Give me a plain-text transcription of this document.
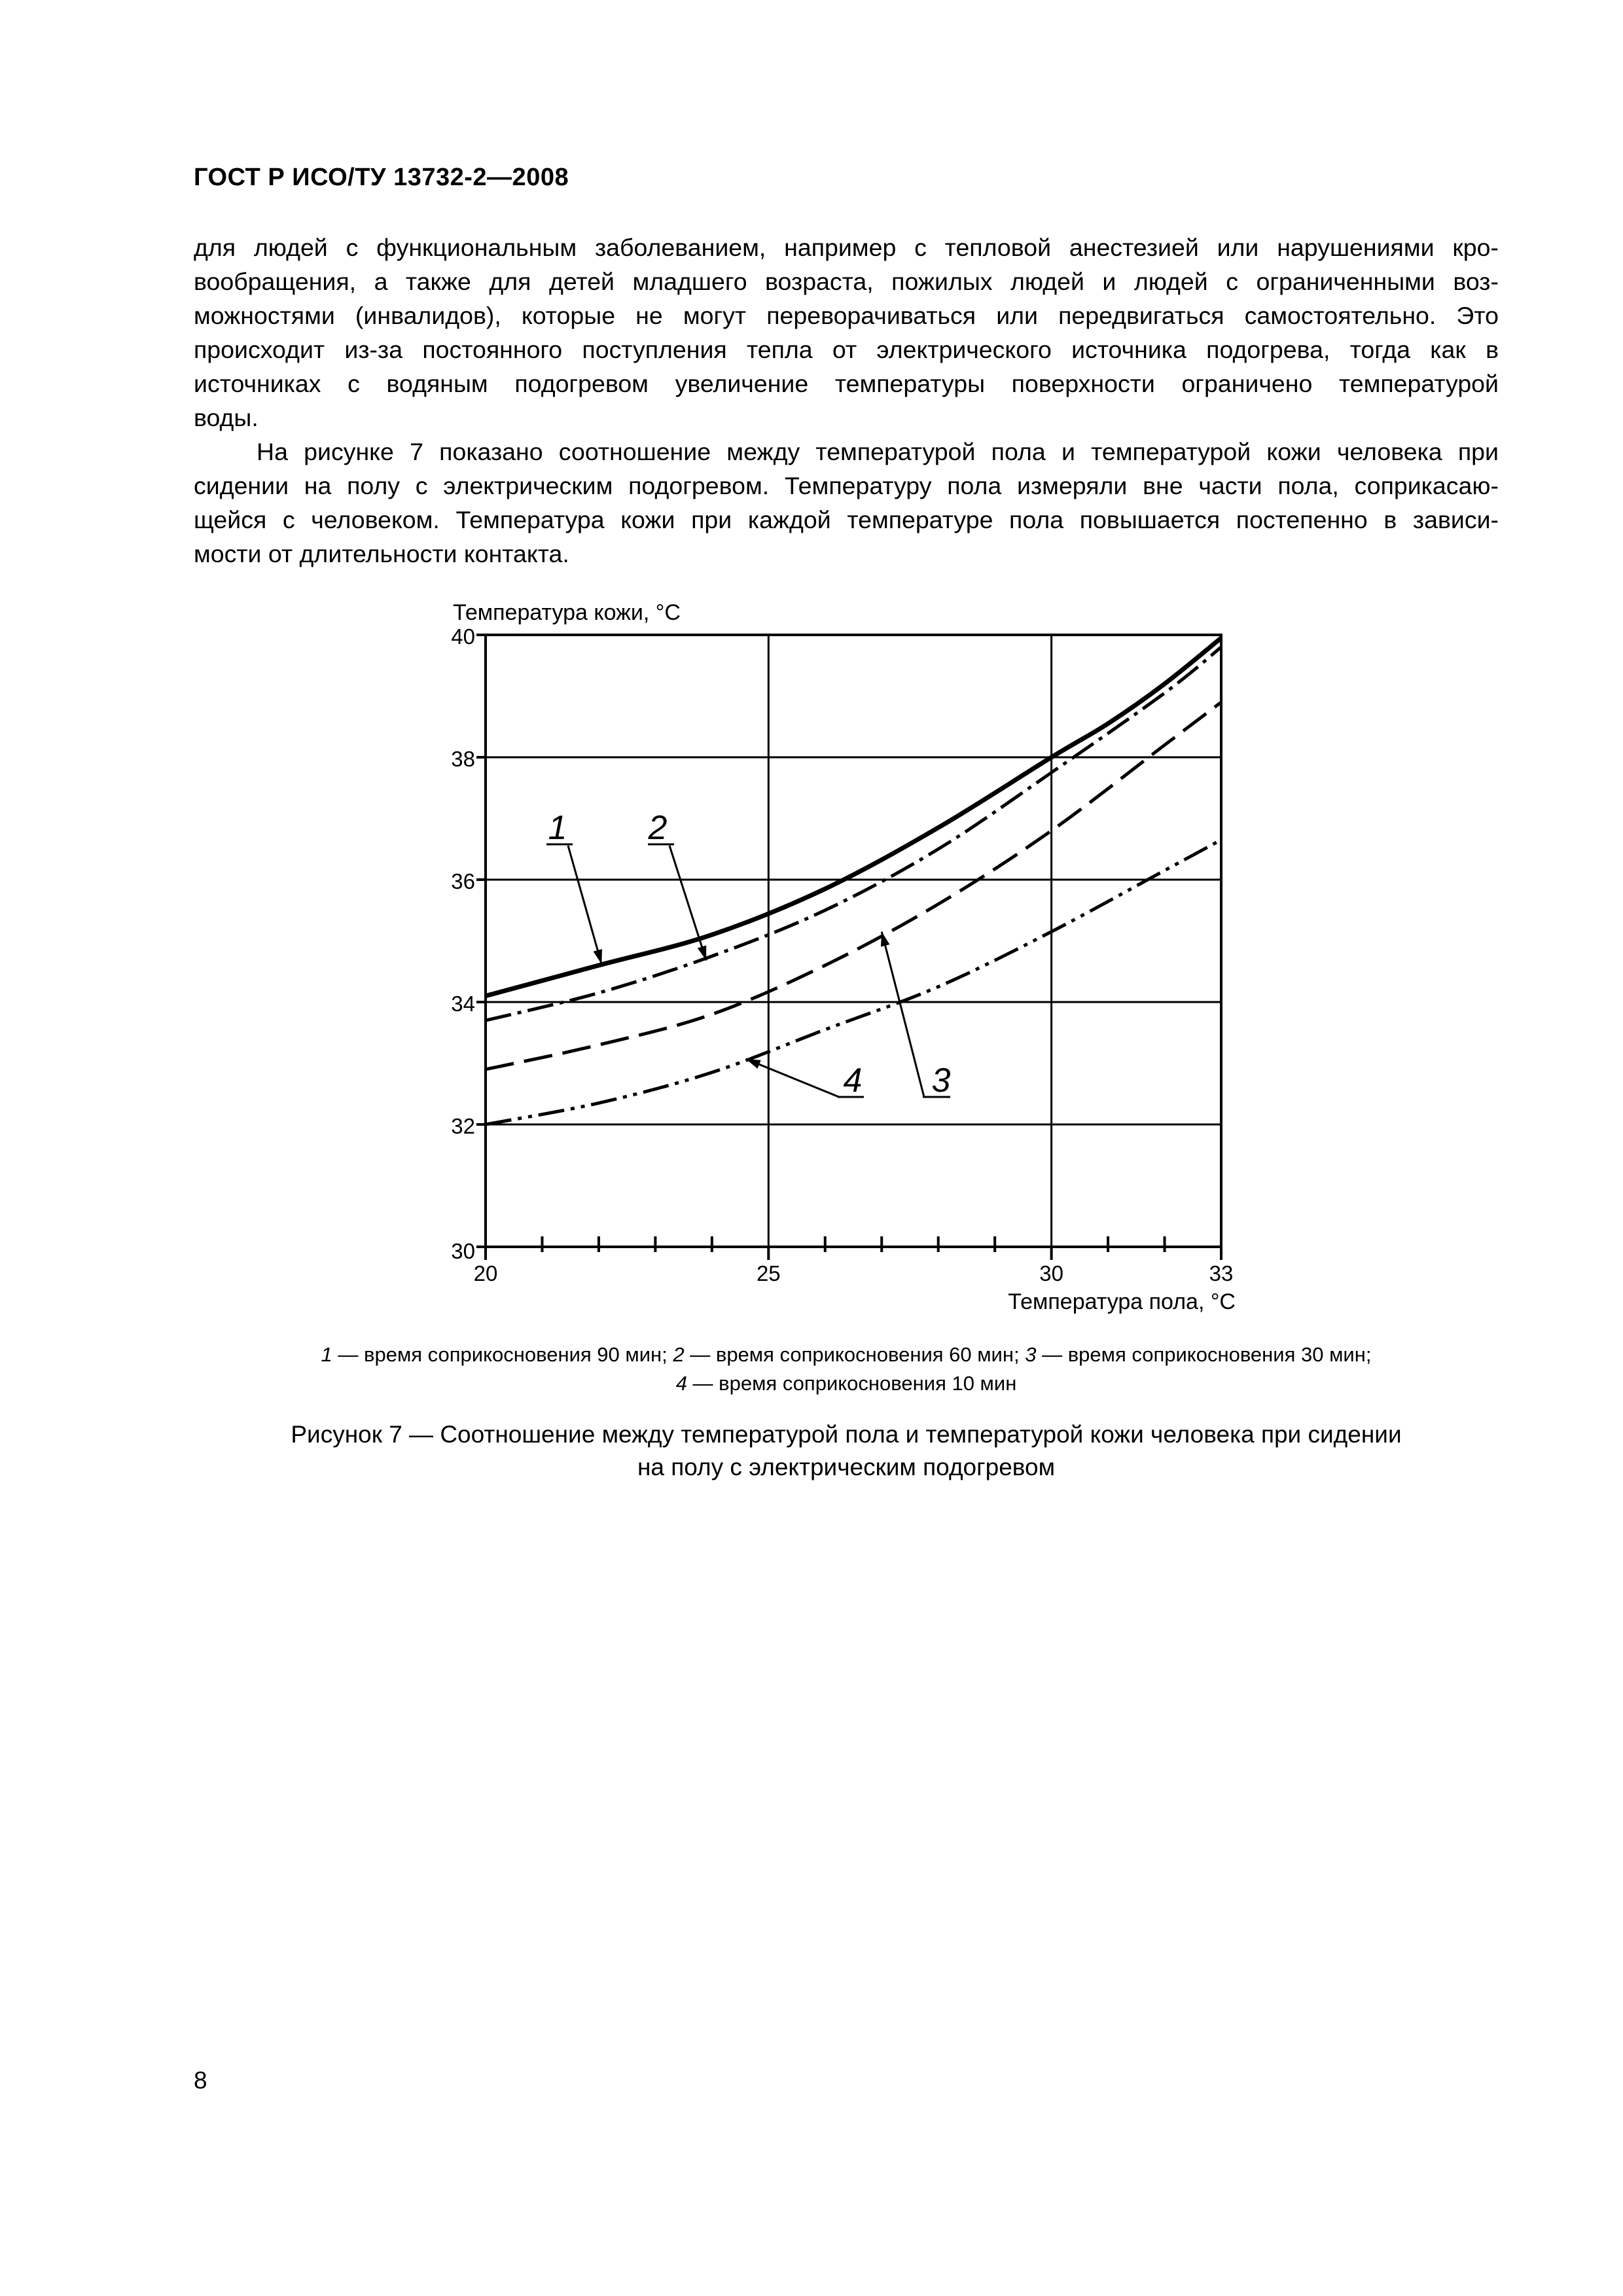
ГОСТ Р ИСО/ТУ 13732-2—2008
для людей с функциональным заболеванием, например с тепловой анестезией или нарушениями кро-
вообращения, а также для детей младшего возраста, пожилых людей и людей с ограниченными воз-
можностями (инвалидов), которые не могут переворачиваться или передвигаться самостоятельно. Это
происходит из-за постоянного поступления тепла от электрического источника подогрева, тогда как в
источниках с водяным подогревом увеличение температуры поверхности ограничено температурой
воды.
На рисунке 7 показано соотношение между температурой пола и температурой кожи человека при
сидении на полу с электрическим подогревом. Температуру пола измеряли вне части пола, соприкасаю-
щейся с человеком. Температура кожи при каждой температуре пола повышается постепенно в зависи-
мости от длительности контакта.
30
32
34
36
38
40
20	25	30	33
Температура кожи, °С
Температура пола, °С
1 2
4 3
1 — время соприкосновения 90 мин; 2 — время соприкосновения 60 мин; 3 — время соприкосновения 30 мин;
4 — время соприкосновения 10 мин
Рисунок 7 — Соотношение между температурой пола и температурой кожи человека при сидении
на полу с электрическим подогревом
8
